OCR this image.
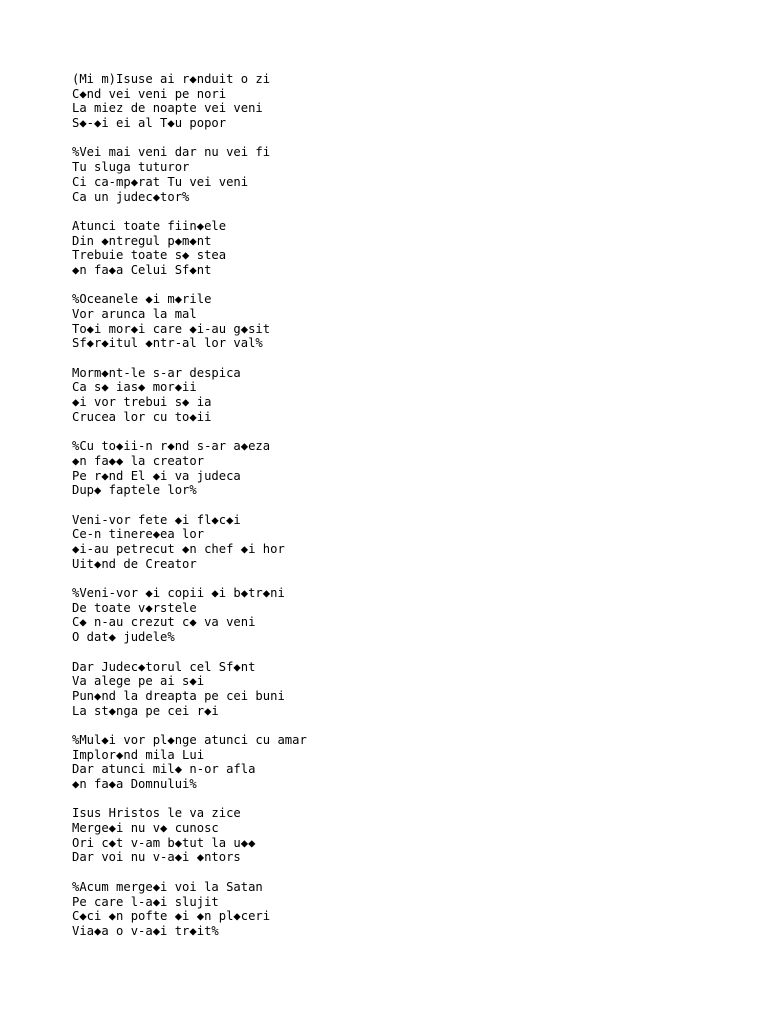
(Mi m)Isuse ai r◆nduit o zi
C◆nd vei veni pe nori
La miez de noapte vei veni
S◆-◆i ei al T◆u popor
%Vei mai veni dar nu vei fi
Tu sluga tuturor
Ci ca-mp◆rat Tu vei veni
Ca un judec◆tor%
Atunci toate fiin◆ele
Din ◆ntregul p◆m◆nt
Trebuie toate s◆ stea
◆n fa◆a Celui Sf◆nt
%Oceanele ◆i m◆rile
Vor arunca la mal
To◆i mor◆i care ◆i-au g◆sit
Sf◆r◆itul ◆ntr-al lor val%
Morm◆nt-le s-ar despica
Ca s◆ ias◆ mor◆ii
◆i vor trebui s◆ ia
Crucea lor cu to◆ii
%Cu to◆ii-n r◆nd s-ar a◆eza
◆n fa◆◆ la creator
Pe r◆nd El ◆i va judeca
Dup◆ faptele lor%
Veni-vor fete ◆i fl◆c◆i
Ce-n tinere◆ea lor
◆i-au petrecut ◆n chef ◆i hor
Uit◆nd de Creator
%Veni-vor ◆i copii ◆i b◆tr◆ni
De toate v◆rstele
C◆ n-au crezut c◆ va veni
O dat◆ judele%
Dar Judec◆torul cel Sf◆nt
Va alege pe ai s◆i
Pun◆nd la dreapta pe cei buni
La st◆nga pe cei r◆i
%Mul◆i vor pl◆nge atunci cu amar
Implor◆nd mila Lui
Dar atunci mil◆ n-or afla
◆n fa◆a Domnului%
Isus Hristos le va zice
Merge◆i nu v◆ cunosc
Ori c◆t v-am b◆tut la u◆◆
Dar voi nu v-a◆i ◆ntors
%Acum merge◆i voi la Satan
Pe care l-a◆i slujit
C◆ci ◆n pofte ◆i ◆n pl◆ceri
Via◆a o v-a◆i tr◆it%
